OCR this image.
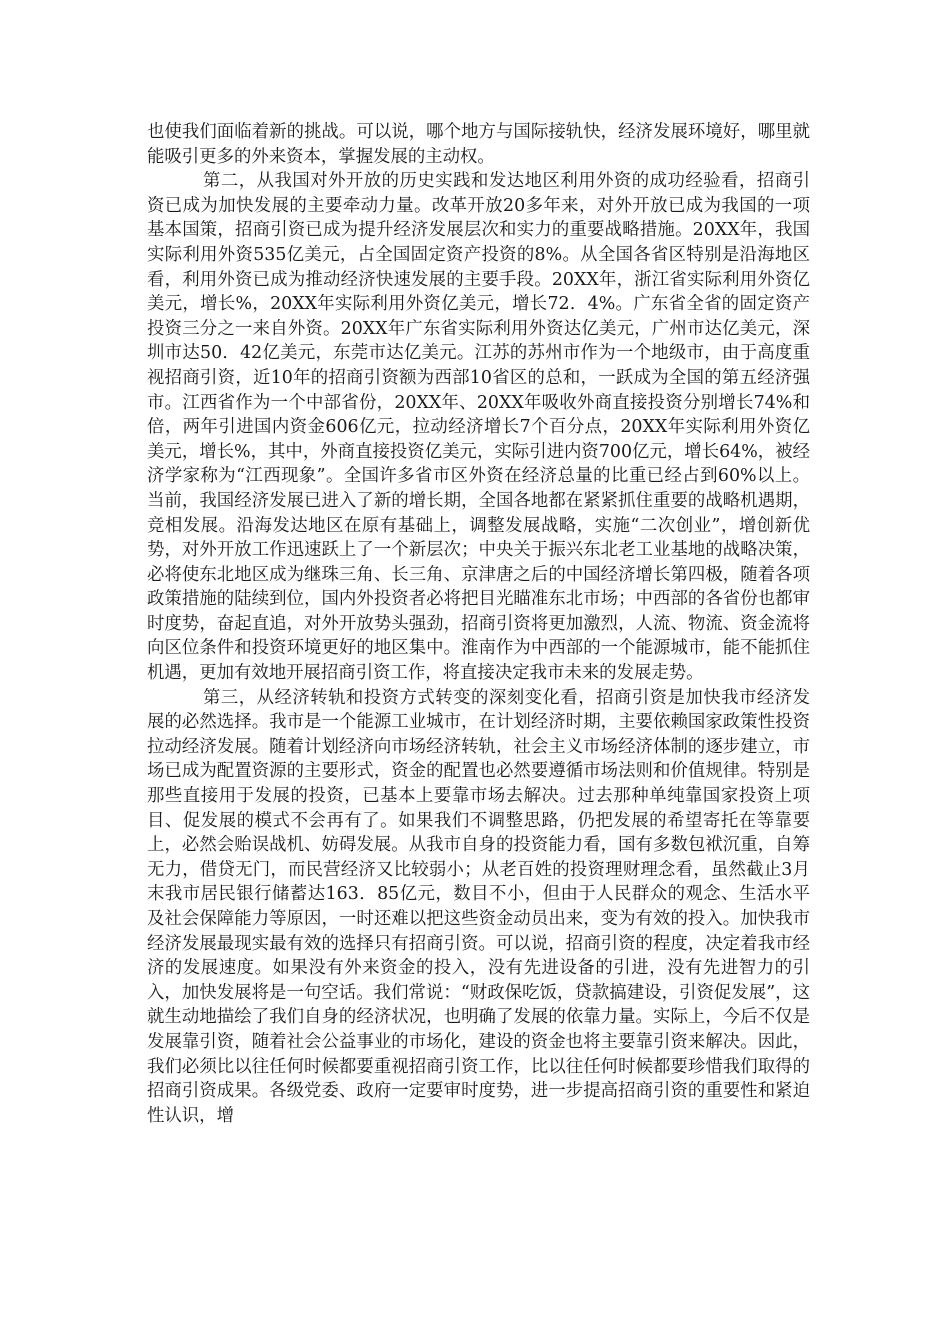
也使我们面临着新的挑战。可以说，哪个地方与国际接轨快，经济发展环境好，哪里就能吸引更多的外来资本，掌握发展的主动权。

第二，从我国对外开放的历史实践和发达地区利用外资的成功经验看，招商引资已成为加快发展的主要牵动力量。改革开放20多年来，对外开放已成为我国的一项基本国策，招商引资已成为提升经济发展层次和实力的重要战略措施。20XX年，我国实际利用外资535亿美元，占全国固定资产投资的8%。从全国各省区特别是沿海地区看，利用外资已成为推动经济快速发展的主要手段。20XX年，浙江省实际利用外资亿美元，增长%，20XX年实际利用外资亿美元，增长72．4%。广东省全省的固定资产投资三分之一来自外资。20XX年广东省实际利用外资达亿美元，广州市达亿美元，深圳市达50．42亿美元，东莞市达亿美元。江苏的苏州市作为一个地级市，由于高度重视招商引资，近10年的招商引资额为西部10省区的总和，一跃成为全国的第五经济强市。江西省作为一个中部省份，20XX年、20XX年吸收外商直接投资分别增长74%和倍，两年引进国内资金606亿元，拉动经济增长7个百分点，20XX年实际利用外资亿美元，增长%，其中，外商直接投资亿美元，实际引进内资700亿元，增长64%，被经济学家称为“江西现象”。全国许多省市区外资在经济总量的比重已经占到60%以上。当前，我国经济发展已进入了新的增长期，全国各地都在紧紧抓住重要的战略机遇期，竞相发展。沿海发达地区在原有基础上，调整发展战略，实施“二次创业”，增创新优势，对外开放工作迅速跃上了一个新层次；中央关于振兴东北老工业基地的战略决策，必将使东北地区成为继珠三角、长三角、京津唐之后的中国经济增长第四极，随着各项政策措施的陆续到位，国内外投资者必将把目光瞄准东北市场；中西部的各省份也都审时度势，奋起直追，对外开放势头强劲，招商引资将更加激烈，人流、物流、资金流将向区位条件和投资环境更好的地区集中。淮南作为中西部的一个能源城市，能不能抓住机遇，更加有效地开展招商引资工作，将直接决定我市未来的发展走势。

第三，从经济转轨和投资方式转变的深刻变化看，招商引资是加快我市经济发展的必然选择。我市是一个能源工业城市，在计划经济时期，主要依赖国家政策性投资拉动经济发展。随着计划经济向市场经济转轨，社会主义市场经济体制的逐步建立，市场已成为配置资源的主要形式，资金的配置也必然要遵循市场法则和价值规律。特别是那些直接用于发展的投资，已基本上要靠市场去解决。过去那种单纯靠国家投资上项目、促发展的模式不会再有了。如果我们不调整思路，仍把发展的希望寄托在等靠要上，必然会贻误战机、妨碍发展。从我市自身的投资能力看，国有多数包袱沉重，自筹无力，借贷无门，而民营经济又比较弱小；从老百姓的投资理财理念看，虽然截止3月末我市居民银行储蓄达163．85亿元，数目不小，但由于人民群众的观念、生活水平及社会保障能力等原因，一时还难以把这些资金动员出来，变为有效的投入。加快我市经济发展最现实最有效的选择只有招商引资。可以说，招商引资的程度，决定着我市经济的发展速度。如果没有外来资金的投入，没有先进设备的引进，没有先进智力的引入，加快发展将是一句空话。我们常说：“财政保吃饭，贷款搞建设，引资促发展”，这就生动地描绘了我们自身的经济状况，也明确了发展的依靠力量。实际上，今后不仅是发展靠引资，随着社会公益事业的市场化，建设的资金也将主要靠引资来解决。因此，我们必须比以往任何时候都要重视招商引资工作，比以往任何时候都要珍惜我们取得的招商引资成果。各级党委、政府一定要审时度势，进一步提高招商引资的重要性和紧迫性认识，增
